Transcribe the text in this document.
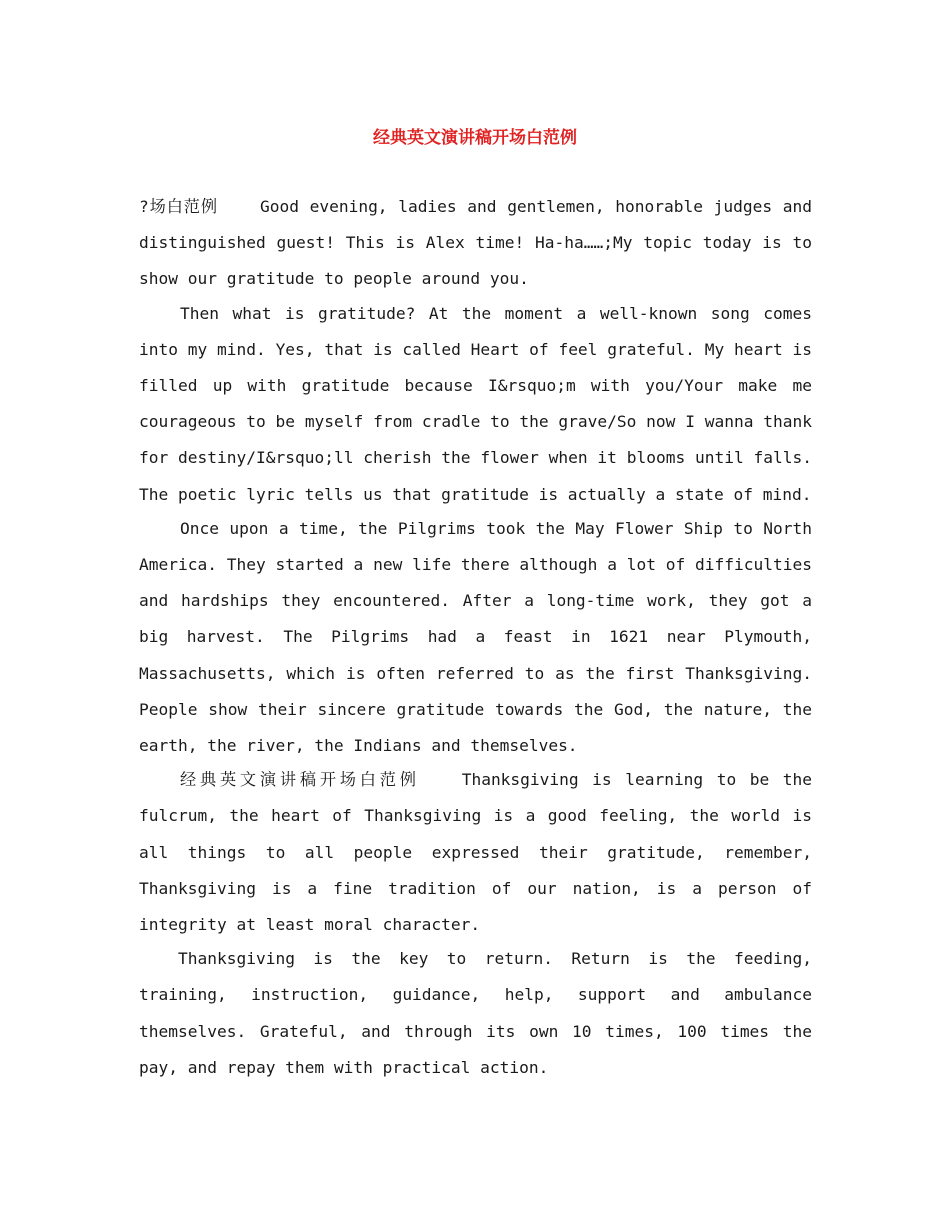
经典英文演讲稿开场白范例

?场白范例	Good evening, ladies and gentlemen, honorable judges and distinguished guest! This is Alex time! Ha-ha……;My topic today is to show our gratitude to people around you.

Then what is gratitude? At the moment a well-known song comes into my mind. Yes, that is called Heart of feel grateful. My heart is filled up with gratitude because I&rsquo;m with you/Your make me courageous to be myself from cradle to the grave/So now I wanna thank for destiny/I&rsquo;ll cherish the flower when it blooms until falls. The poetic lyric tells us that gratitude is actually a state of mind.

Once upon a time, the Pilgrims took the May Flower Ship to North America. They started a new life there although a lot of difficulties and hardships they encountered. After a long-time work, they got a big harvest. The Pilgrims had a feast in 1621 near Plymouth, Massachusetts, which is often referred to as the first Thanksgiving. People show their sincere gratitude towards the God, the nature, the earth, the river, the Indians and themselves.

经典英文演讲稿开场白范例	Thanksgiving is learning to be the fulcrum, the heart of Thanksgiving is a good feeling, the world is all things to all people expressed their gratitude, remember, Thanksgiving is a fine tradition of our nation, is a person of integrity at least moral character.

Thanksgiving is the key to return. Return is the feeding, training, instruction, guidance, help, support and ambulance themselves. Grateful, and through its own 10 times, 100 times the pay, and repay them with practical action.
